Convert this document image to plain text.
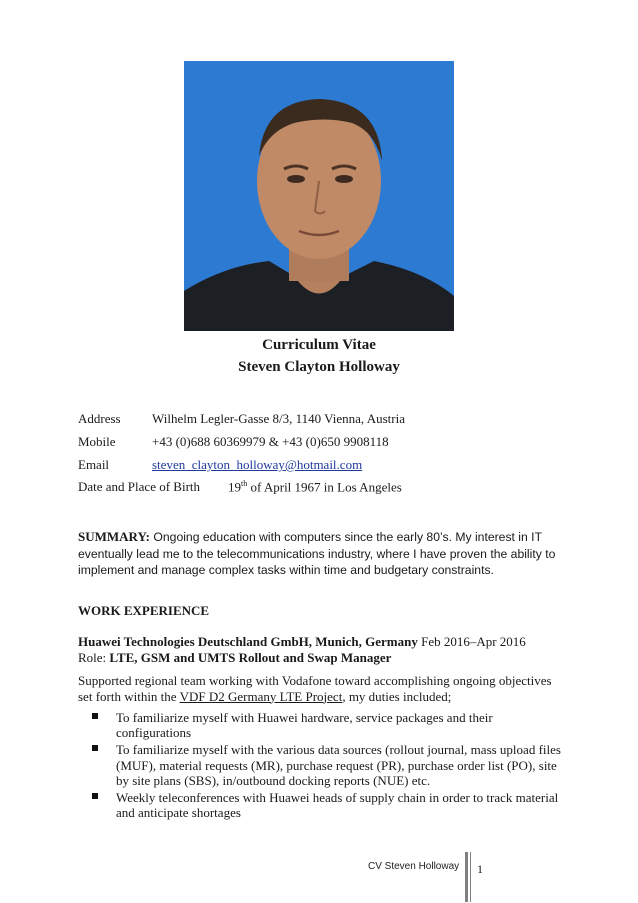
Curriculum Vitae
Steven Clayton Holloway
Address Wilhelm Legler-Gasse 8/3, 1140 Vienna, Austria
Mobile	+43 (0)688 60369979 & +43 (0)650 9908118
Email	steven_clayton_holloway@hotmail.com
Date and Place of Birth 19th of April 1967 in Los Angeles
SUMMARY: Ongoing education with computers since the early 80’s. My interest in IT eventually lead me to the telecommunications industry, where I have proven the ability to implement and manage complex tasks within time and budgetary constraints.
WORK EXPERIENCE
Huawei Technologies Deutschland GmbH, Munich, Germany Feb 2016–Apr 2016
Role: LTE, GSM and UMTS Rollout and Swap Manager
Supported regional team working with Vodafone toward accomplishing ongoing objectives set forth within the VDF D2 Germany LTE Project, my duties included;
To familiarize myself with Huawei hardware, service packages and their configurations
To familiarize myself with the various data sources (rollout journal, mass upload files (MUF), material requests (MR), purchase request (PR), purchase order list (PO), site by site plans (SBS), in/outbound docking reports (NUE) etc.
Weekly teleconferences with Huawei heads of supply chain in order to track material and anticipate shortages
CV Steven Holloway 1
